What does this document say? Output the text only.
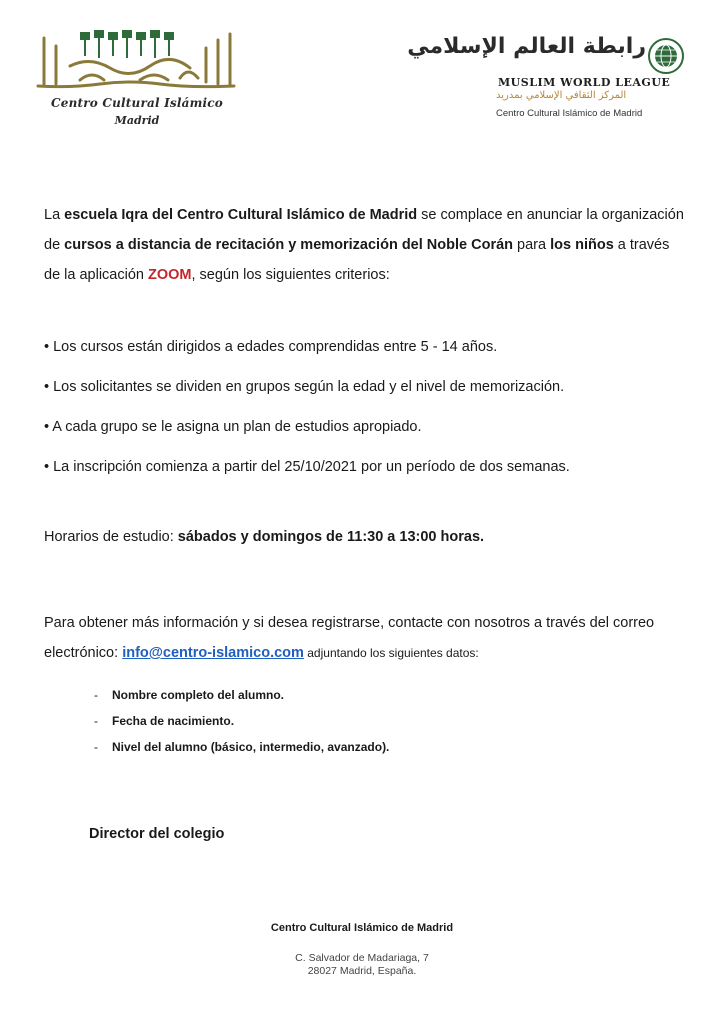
Centro Cultural Islámico
Madrid
رابطة العالم الإسلامي
MUSLIM WORLD LEAGUE
المركز الثقافي الإسلامي بمدريد
Centro Cultural Islámico de Madrid
La escuela Iqra del Centro Cultural Islámico de Madrid se complace en anunciar la organización de cursos a distancia de recitación y memorización del Noble Corán para los niños a través de la aplicación ZOOM, según los siguientes criterios:
• Los cursos están dirigidos a edades comprendidas entre 5 - 14 años.
• Los solicitantes se dividen en grupos según la edad y el nivel de memorización.
• A cada grupo se le asigna un plan de estudios apropiado.
• La inscripción comienza a partir del 25/10/2021 por un período de dos semanas.
Horarios de estudio: sábados y domingos de 11:30 a 13:00 horas.
Para obtener más información y si desea registrarse, contacte con nosotros a través del correo electrónico: info@centro-islamico.com adjuntando los siguientes datos:
- Nombre completo del alumno.
- Fecha de nacimiento.
- Nivel del alumno (básico, intermedio, avanzado).
Director del colegio
Centro Cultural Islámico de Madrid
C. Salvador de Madariaga, 7
28027 Madrid, España.
